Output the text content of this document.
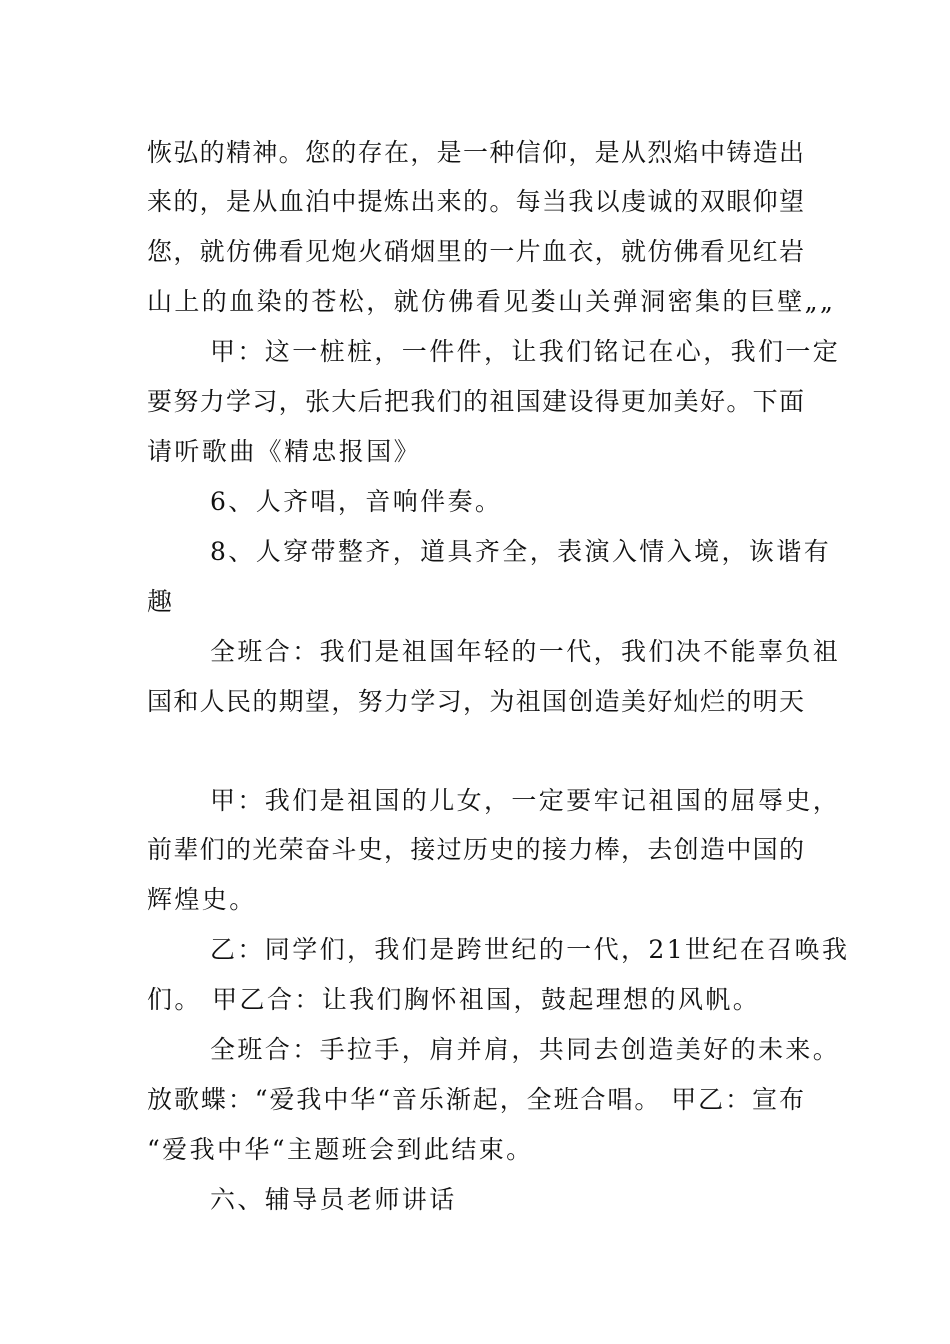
恢弘的精神。您的存在，是一种信仰，是从烈焰中铸造出
来的，是从血泊中提炼出来的。每当我以虔诚的双眼仰望
您，就仿佛看见炮火硝烟里的一片血衣，就仿佛看见红岩
山上的血染的苍松，就仿佛看见娄山关弹洞密集的巨壁„„
甲：这一桩桩，一件件，让我们铭记在心，我们一定
要努力学习，张大后把我们的祖国建设得更加美好。下面
请听歌曲《精忠报国》
6、人齐唱，音响伴奏。
8、人穿带整齐，道具齐全，表演入情入境，诙谐有
趣
全班合：我们是祖国年轻的一代，我们决不能辜负祖
国和人民的期望，努力学习，为祖国创造美好灿烂的明天
甲：我们是祖国的儿女，一定要牢记祖国的屈辱史，
前辈们的光荣奋斗史，接过历史的接力棒，去创造中国的
辉煌史。
乙：同学们，我们是跨世纪的一代，21世纪在召唤我
们。 甲乙合：让我们胸怀祖国，鼓起理想的风帆。
全班合：手拉手，肩并肩，共同去创造美好的未来。
放歌蝶：“爱我中华“音乐渐起，全班合唱。 甲乙：宣布
“爱我中华“主题班会到此结束。
六、辅导员老师讲话
